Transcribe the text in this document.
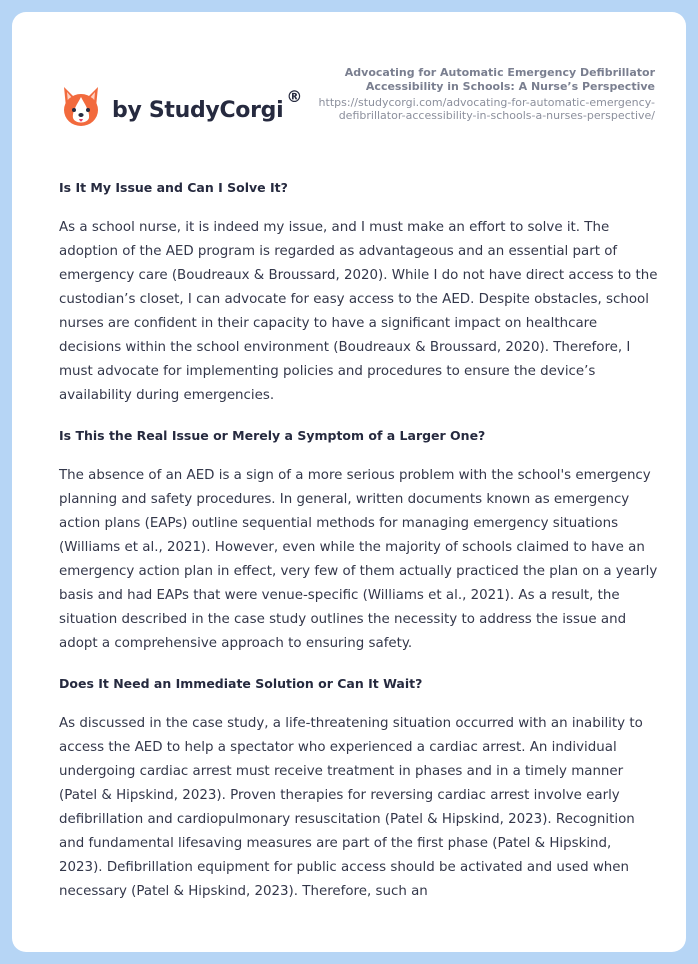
by StudyCorgi
®
Advocating for Automatic Emergency Defibrillator Accessibility in Schools: A Nurse’s Perspective
https://studycorgi.com/advocating-for-automatic-emergency-defibrillator-accessibility-in-schools-a-nurses-perspective/
Is It My Issue and Can I Solve It?

As a school nurse, it is indeed my issue, and I must make an effort to solve it. The adoption of the AED program is regarded as advantageous and an essential part of emergency care (Boudreaux & Broussard, 2020). While I do not have direct access to the custodian’s closet, I can advocate for easy access to the AED. Despite obstacles, school nurses are confident in their capacity to have a significant impact on healthcare decisions within the school environment (Boudreaux & Broussard, 2020). Therefore, I must advocate for implementing policies and procedures to ensure the device’s availability during emergencies.

Is This the Real Issue or Merely a Symptom of a Larger One?

The absence of an AED is a sign of a more serious problem with the school's emergency planning and safety procedures. In general, written documents known as emergency action plans (EAPs) outline sequential methods for managing emergency situations (Williams et al., 2021). However, even while the majority of schools claimed to have an emergency action plan in effect, very few of them actually practiced the plan on a yearly basis and had EAPs that were venue-specific (Williams et al., 2021). As a result, the situation described in the case study outlines the necessity to address the issue and adopt a comprehensive approach to ensuring safety.

Does It Need an Immediate Solution or Can It Wait?

As discussed in the case study, a life-threatening situation occurred with an inability to access the AED to help a spectator who experienced a cardiac arrest. An individual undergoing cardiac arrest must receive treatment in phases and in a timely manner (Patel & Hipskind, 2023). Proven therapies for reversing cardiac arrest involve early defibrillation and cardiopulmonary resuscitation (Patel & Hipskind, 2023). Recognition and fundamental lifesaving measures are part of the first phase (Patel & Hipskind, 2023). Defibrillation equipment for public access should be activated and used when necessary (Patel & Hipskind, 2023). Therefore, such an
